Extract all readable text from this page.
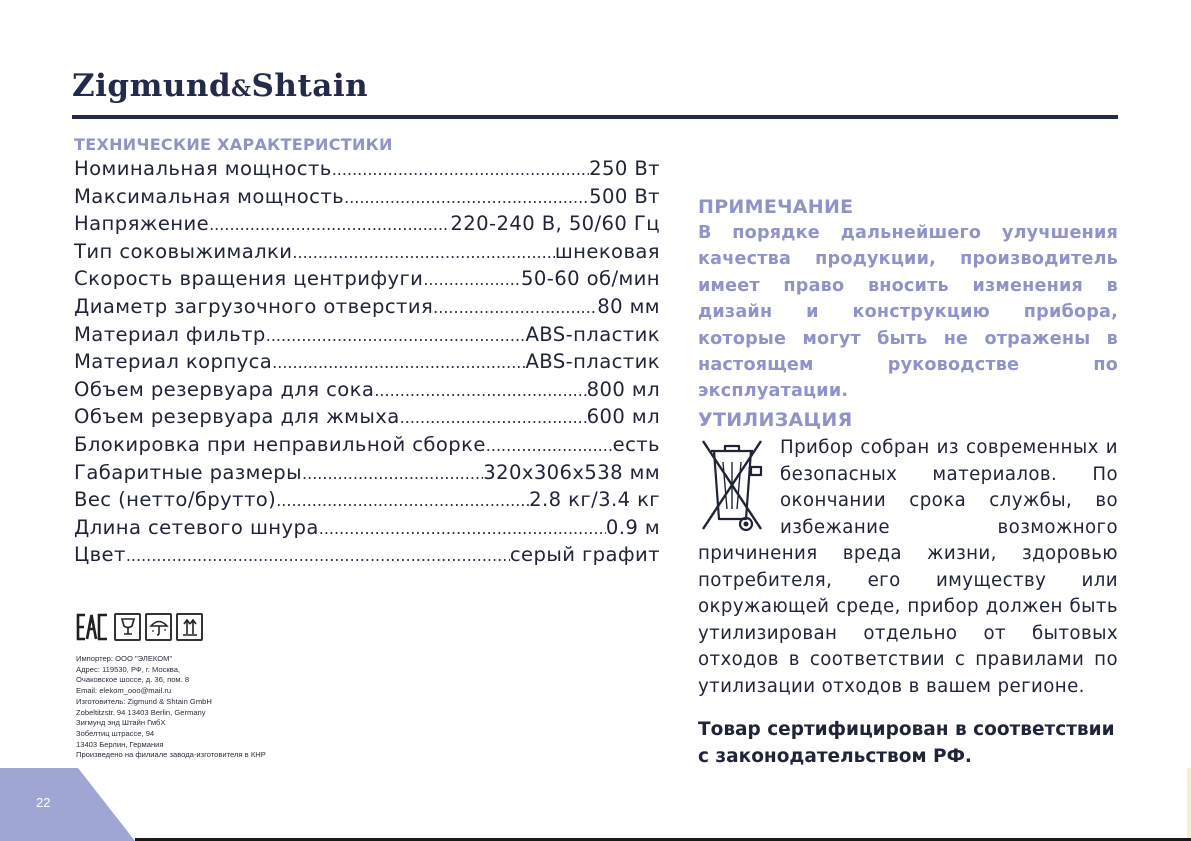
Zigmund&Shtain
ТЕХНИЧЕСКИЕ ХАРАКТЕРИСТИКИ
Номинальная мощность .....	250 Вт
Максимальная мощность .....	500 Вт
Напряжение .....	220-240 В, 50/60 Гц
Тип соковыжималки .....	шнековая
Скорость вращения центрифуги .....	50-60 об/мин
Диаметр загрузочного отверстия .....	80 мм
Материал фильтр .....	ABS-пластик
Материал корпуса .....	ABS-пластик
Объем резервуара для сока .....	800 мл
Объем резервуара для жмыха .....	600 мл
Блокировка при неправильной сборке .....	есть
Габаритные размеры .....	320x306x538 мм
Вес (нетто/брутто) .....	2.8 кг/3.4 кг
Длина сетевого шнура .....	0.9 м
Цвет .....	серый графит
Импортер: ООО "ЭЛЕКОМ"
Адрес: 119530, РФ, г. Москва,
Очаковское шоссе, д. 36, пом. 8
Email: elekom_ooo@mail.ru
Изготовитель: Zigmund & Shtain GmbH
Zobeltitzstr. 94 13403 Berlin, Germany
Зигмунд энд Штайн ГмбХ
Зобелтиц штрассе, 94
13403 Берлин, Германия
Произведено на филиале завода-изготовителя в КНР
22
ПРИМЕЧАНИЕ
В порядке дальнейшего улучшения качества продукции, производитель имеет право вносить изменения в дизайн и конструкцию прибора, которые могут быть не отражены в настоящем руководстве по эксплуатации.
УТИЛИЗАЦИЯ
Прибор собран из современных и безопасных материалов. По окончании срока службы, во избежание возможного причинения вреда жизни, здоровью потребителя, его имуществу или окружающей среде, прибор должен быть утилизирован отдельно от бытовых отходов в соответствии с правилами по утилизации отходов в вашем регионе.
Товар сертифицирован в соответствии
с законодательством РФ.
